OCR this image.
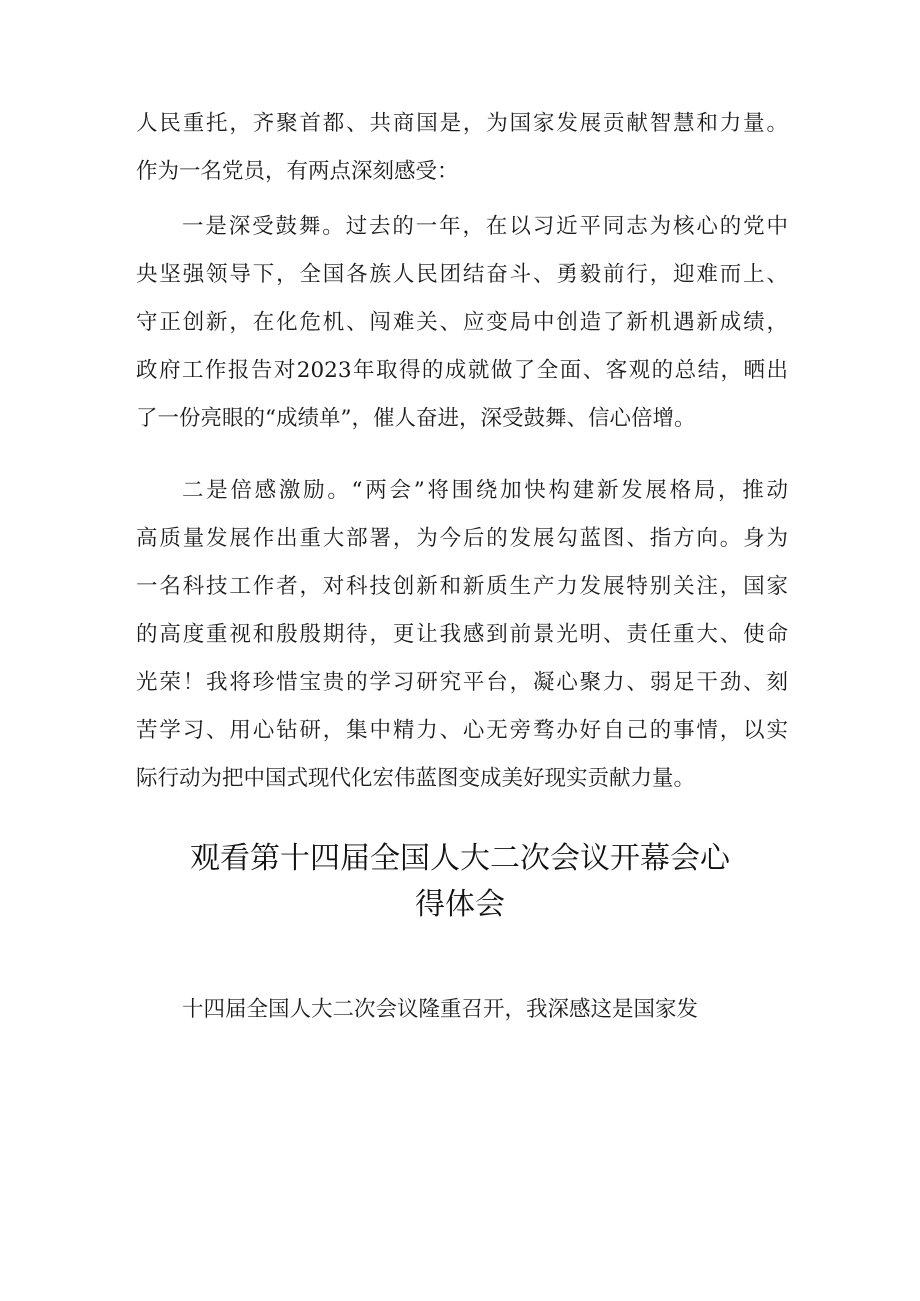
人民重托，齐聚首都、共商国是，为国家发展贡献智慧和力量。
作为一名党员，有两点深刻感受：
一是深受鼓舞。过去的一年，在以习近平同志为核心的党中
央坚强领导下，全国各族人民团结奋斗、勇毅前行，迎难而上、
守正创新，在化危机、闯难关、应变局中创造了新机遇新成绩，
政府工作报告对2023年取得的成就做了全面、客观的总结，晒出
了一份亮眼的“成绩单”，催人奋进，深受鼓舞、信心倍增。
二是倍感激励。“两会”将围绕加快构建新发展格局，推动
高质量发展作出重大部署，为今后的发展勾蓝图、指方向。身为
一名科技工作者，对科技创新和新质生产力发展特别关注，国家
的高度重视和殷殷期待，更让我感到前景光明、责任重大、使命
光荣！我将珍惜宝贵的学习研究平台，凝心聚力、弱足干劲、刻
苦学习、用心钻研，集中精力、心无旁骛办好自己的事情，以实
际行动为把中国式现代化宏伟蓝图变成美好现实贡献力量。
观看第十四届全国人大二次会议开幕会心
得体会
十四届全国人大二次会议隆重召开，我深感这是国家发
